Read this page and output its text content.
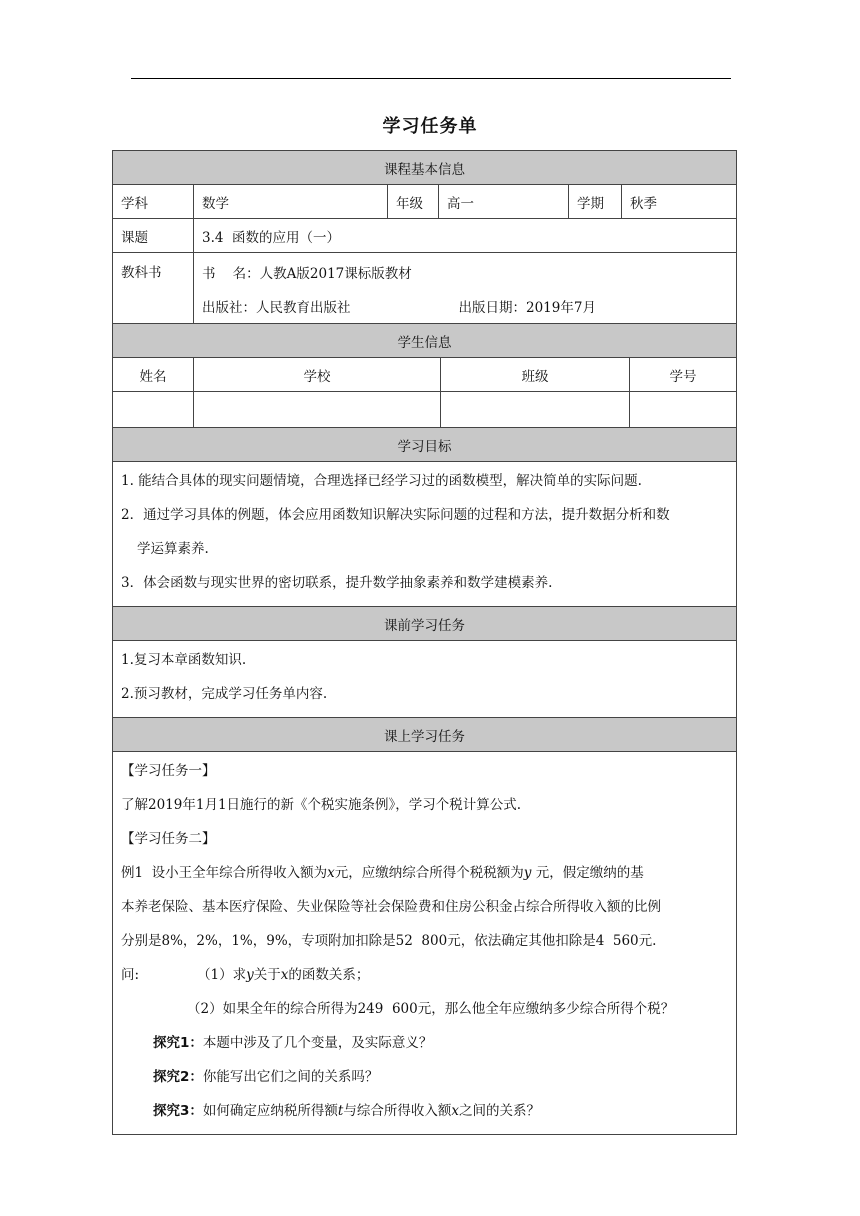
学习任务单
课程基本信息					
学科	数学	年级	高一	学期	秋季
课题	3.4  函数的应用（一）				
教科书	书    名：人教A版2017课标版教材
出版社：人民教育出版社 出版日期：2019年7月				
学生信息			
姓名	学校	班级	学号

学习目标

1. 能结合具体的现实问题情境，合理选择已经学习过的函数模型，解决简单的实际问题.
2．通过学习具体的例题，体会应用函数知识解决实际问题的过程和方法，提升数据分析和数
学运算素养.
3．体会函数与现实世界的密切联系，提升数学抽象素养和数学建模素养.

课前学习任务

1.复习本章函数知识.
2.预习教材，完成学习任务单内容.

课上学习任务

【学习任务一】
了解2019年1月1日施行的新《个税实施条例》，学习个税计算公式.
【学习任务二】
例1  设小王全年综合所得收入额为x元，应缴纳综合所得个税税额为y 元，假定缴纳的基
本养老保险、基本医疗保险、失业保险等社会保险费和住房公积金占综合所得收入额的比例
分别是8%，2%，1%，9%，专项附加扣除是52  800元，依法确定其他扣除是4  560元.
问:	（1）求y关于x的函数关系；
（2）如果全年的综合所得为249  600元，那么他全年应缴纳多少综合所得个税？
探究1：本题中涉及了几个变量，及实际意义？
探究2：你能写出它们之间的关系吗？
探究3：如何确定应纳税所得额t与综合所得收入额x之间的关系？
